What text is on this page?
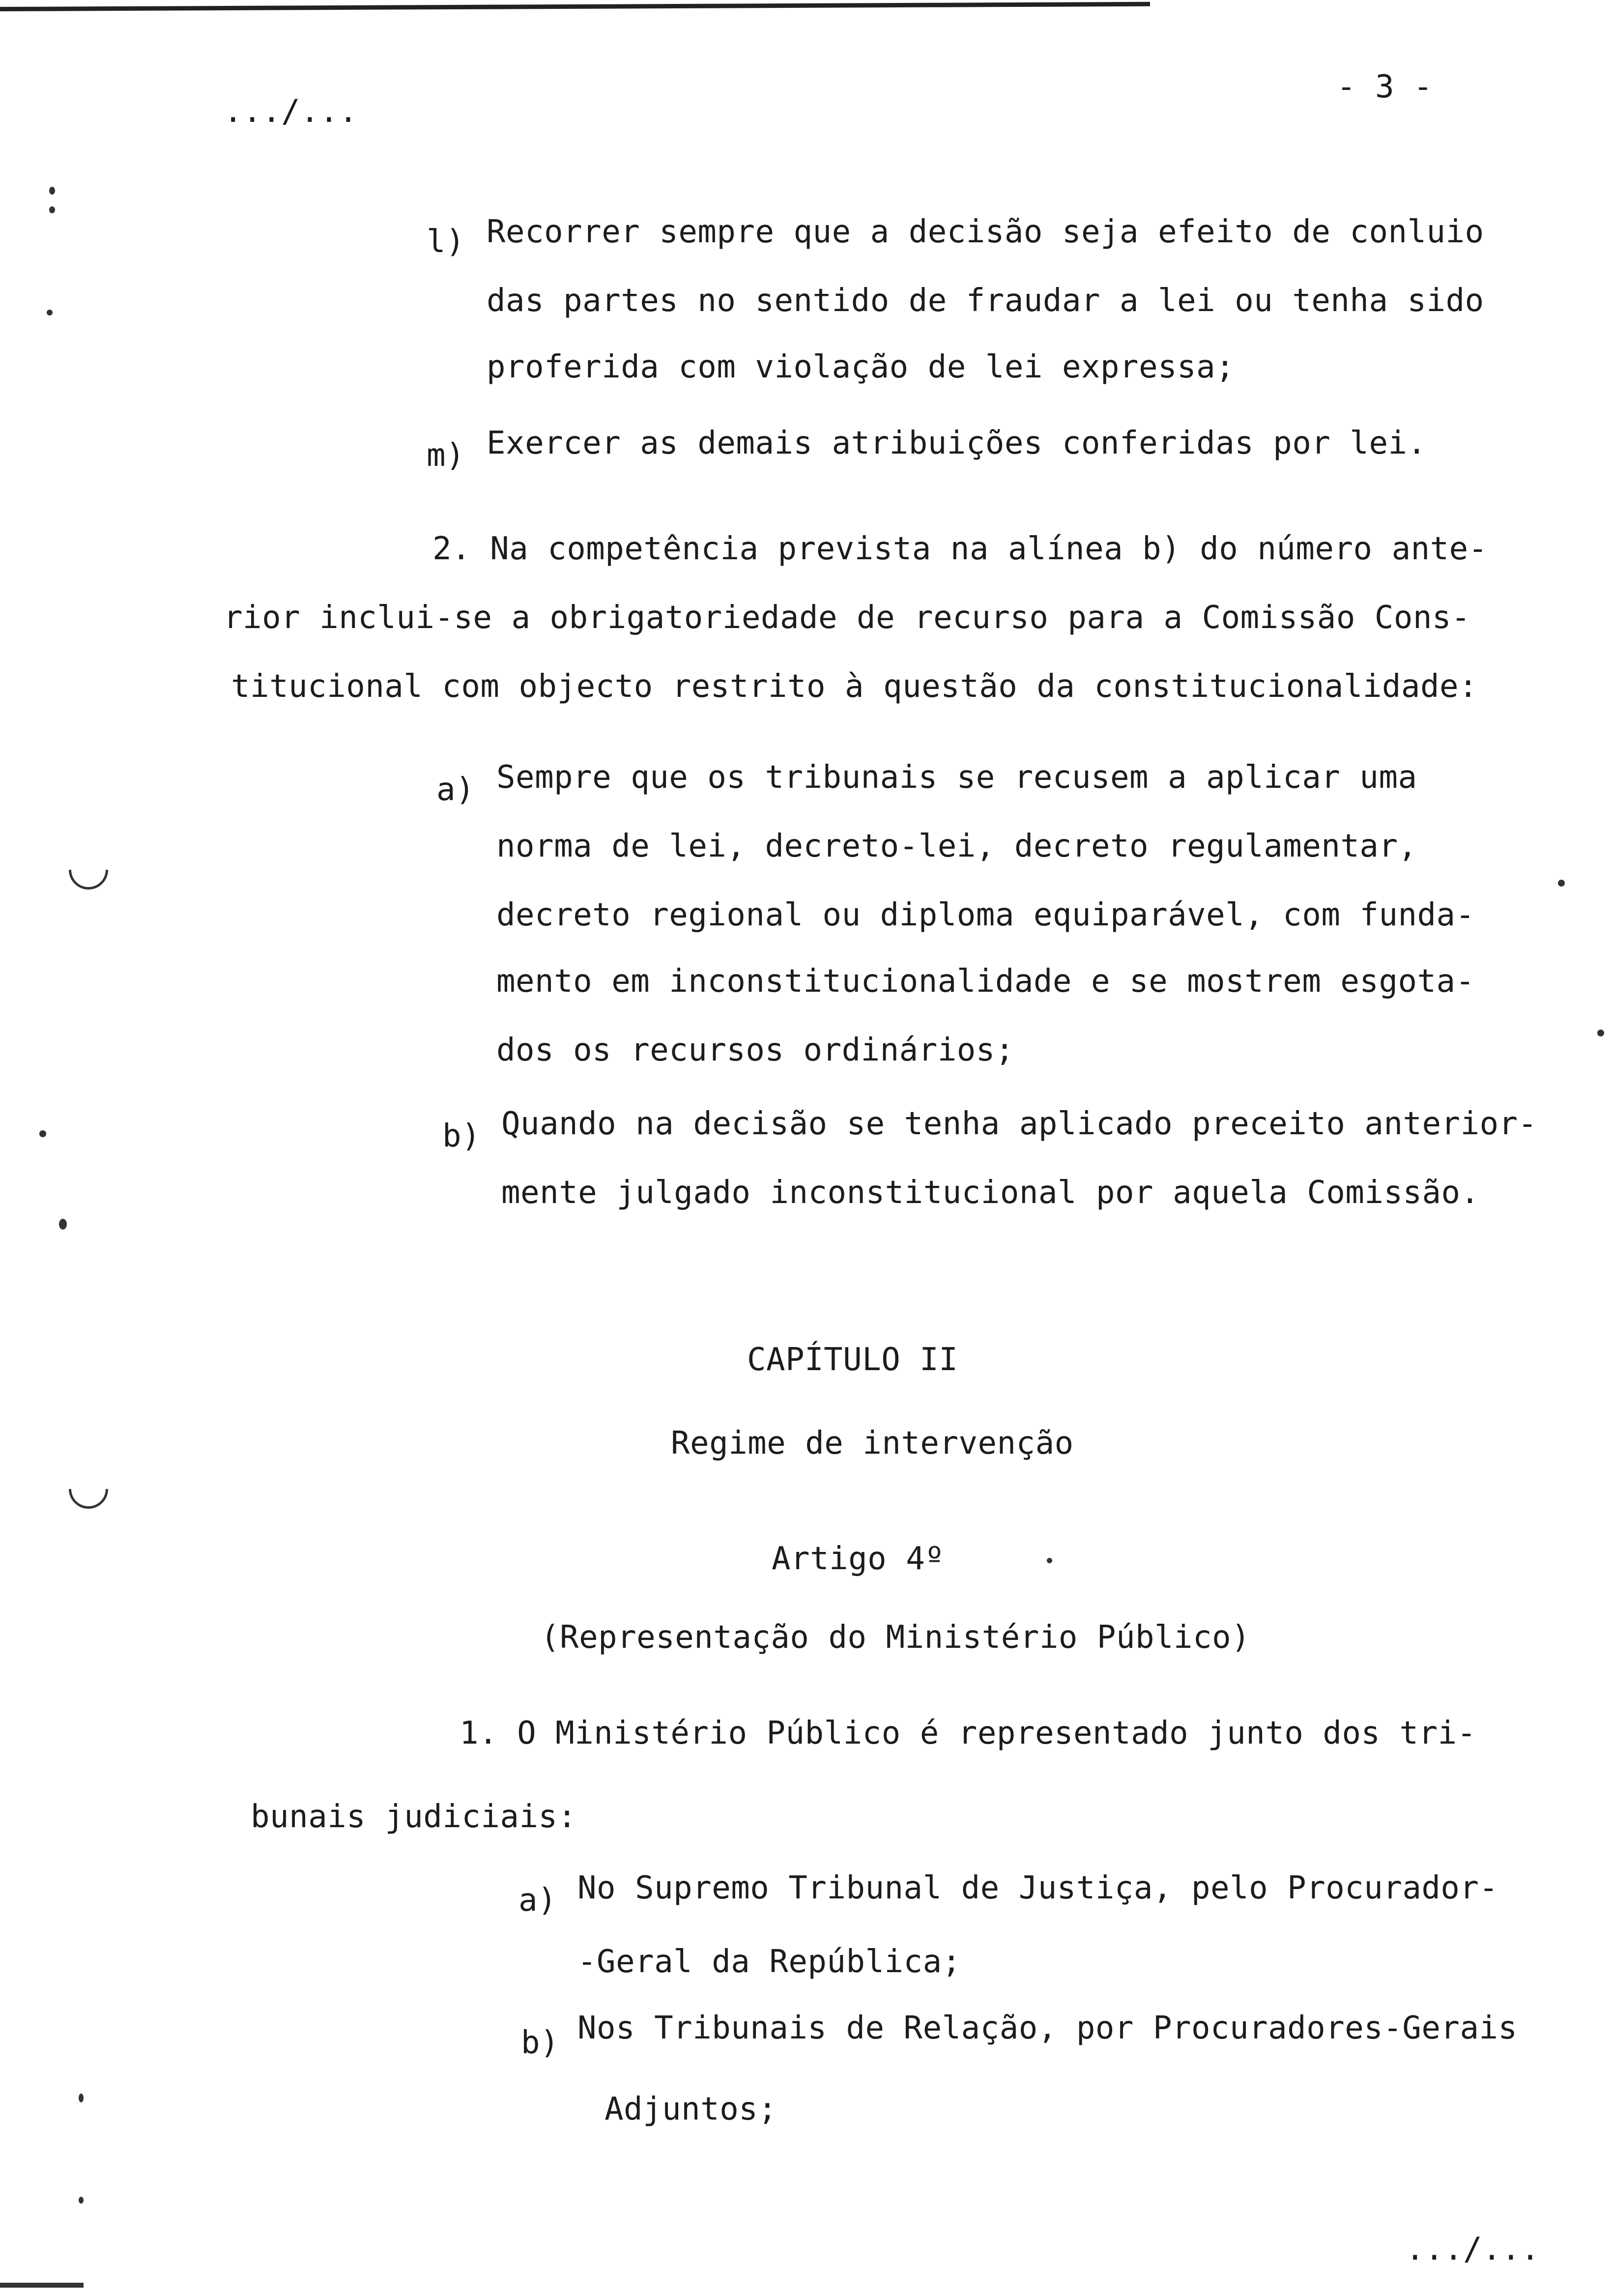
.../...
- 3 -
l) Recorrer sempre que a decisão seja efeito de conluio
das partes no sentido de fraudar a lei ou tenha sido
proferida com violação de lei expressa;
m) Exercer as demais atribuições conferidas por lei.
2. Na competência prevista na alínea b) do número ante-
rior inclui-se a obrigatoriedade de recurso para a Comissão Cons-
titucional com objecto restrito à questão da constitucionalidade:
a) Sempre que os tribunais se recusem a aplicar uma
norma de lei, decreto-lei, decreto regulamentar,
decreto regional ou diploma equiparável, com funda-
mento em inconstitucionalidade e se mostrem esgota-
dos os recursos ordinários;
b) Quando na decisão se tenha aplicado preceito anterior-
mente julgado inconstitucional por aquela Comissão.
CAPÍTULO II
Regime de intervenção
Artigo 4º
(Representação do Ministério Público)
1. O Ministério Público é representado junto dos tri-
bunais judiciais:
a) No Supremo Tribunal de Justiça, pelo Procurador-
-Geral da República;
b) Nos Tribunais de Relação, por Procuradores-Gerais
Adjuntos;
.../...
